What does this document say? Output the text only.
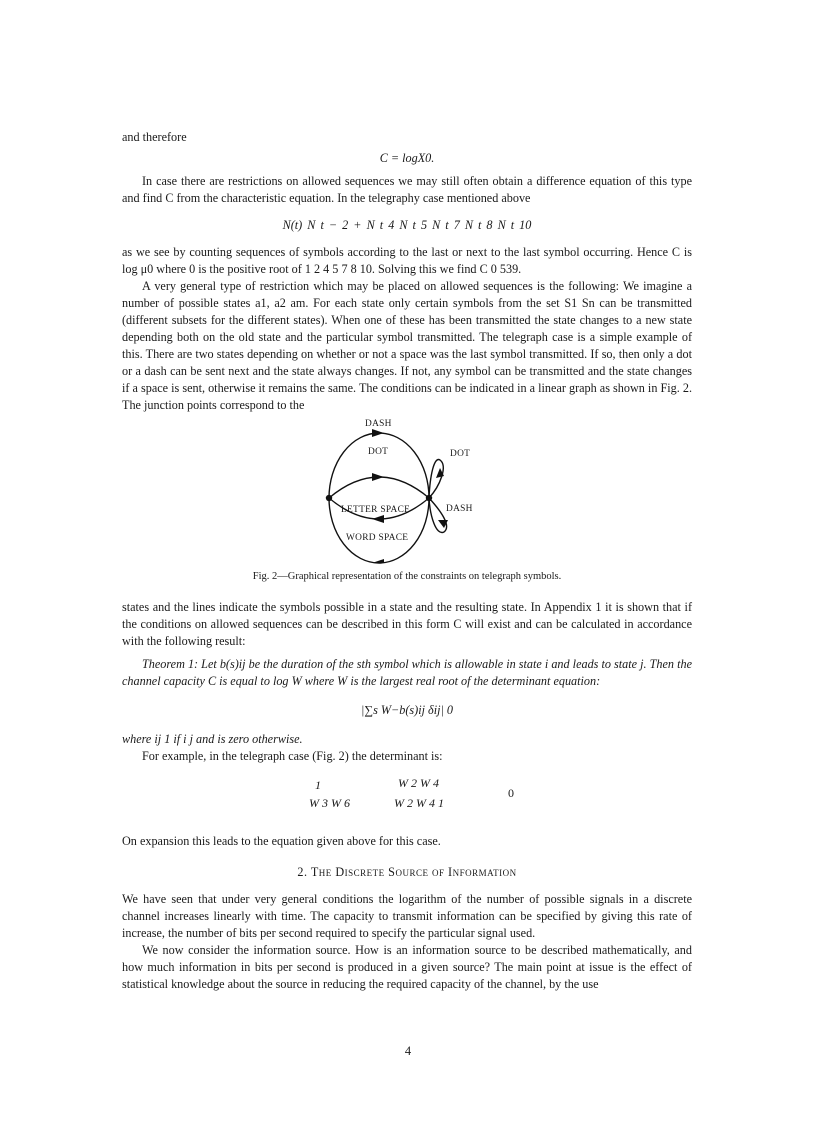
and therefore

C = logX0.

In case there are restrictions on allowed sequences we may still often obtain a difference equation of this type and find C from the characteristic equation. In the telegraphy case mentioned above

N(t) N t − 2 + N t 4 N t 5 N t 7 N t 8 N t 10

as we see by counting sequences of symbols according to the last or next to the last symbol occurring. Hence C is log μ0 where 0 is the positive root of 1 2 4 5 7 8 10. Solving this we find C 0 539.

A very general type of restriction which may be placed on allowed sequences is the following: We imagine a number of possible states a1, a2 am. For each state only certain symbols from the set S1 Sn can be transmitted (different subsets for the different states). When one of these has been transmitted the state changes to a new state depending both on the old state and the particular symbol transmitted. The telegraph case is a simple example of this. There are two states depending on whether or not a space was the last symbol transmitted. If so, then only a dot or a dash can be sent next and the state always changes. If not, any symbol can be transmitted and the state changes if a space is sent, otherwise it remains the same. The conditions can be indicated in a linear graph as shown in Fig. 2. The junction points correspond to the

DASH
DOT	DOT
DASH
LETTER SPACE
WORD SPACE

Fig. 2—Graphical representation of the constraints on telegraph symbols.

states and the lines indicate the symbols possible in a state and the resulting state. In Appendix 1 it is shown that if the conditions on allowed sequences can be described in this form C will exist and can be calculated in accordance with the following result:

Theorem 1: Let b(s)ij be the duration of the sth symbol which is allowable in state i and leads to state j. Then the channel capacity C is equal to log W where W is the largest real root of the determinant equation:

|∑s W−b(s)ij δij| 0

where ij 1 if i j and is zero otherwise.

For example, in the telegraph case (Fig. 2) the determinant is:

1	W 2 W 4
W 3 W 6	W 2 W 4 1
0

On expansion this leads to the equation given above for this case.

2. The Discrete Source of Information

We have seen that under very general conditions the logarithm of the number of possible signals in a discrete channel increases linearly with time. The capacity to transmit information can be specified by giving this rate of increase, the number of bits per second required to specify the particular signal used.

We now consider the information source. How is an information source to be described mathematically, and how much information in bits per second is produced in a given source? The main point at issue is the effect of statistical knowledge about the source in reducing the required capacity of the channel, by the use

4
